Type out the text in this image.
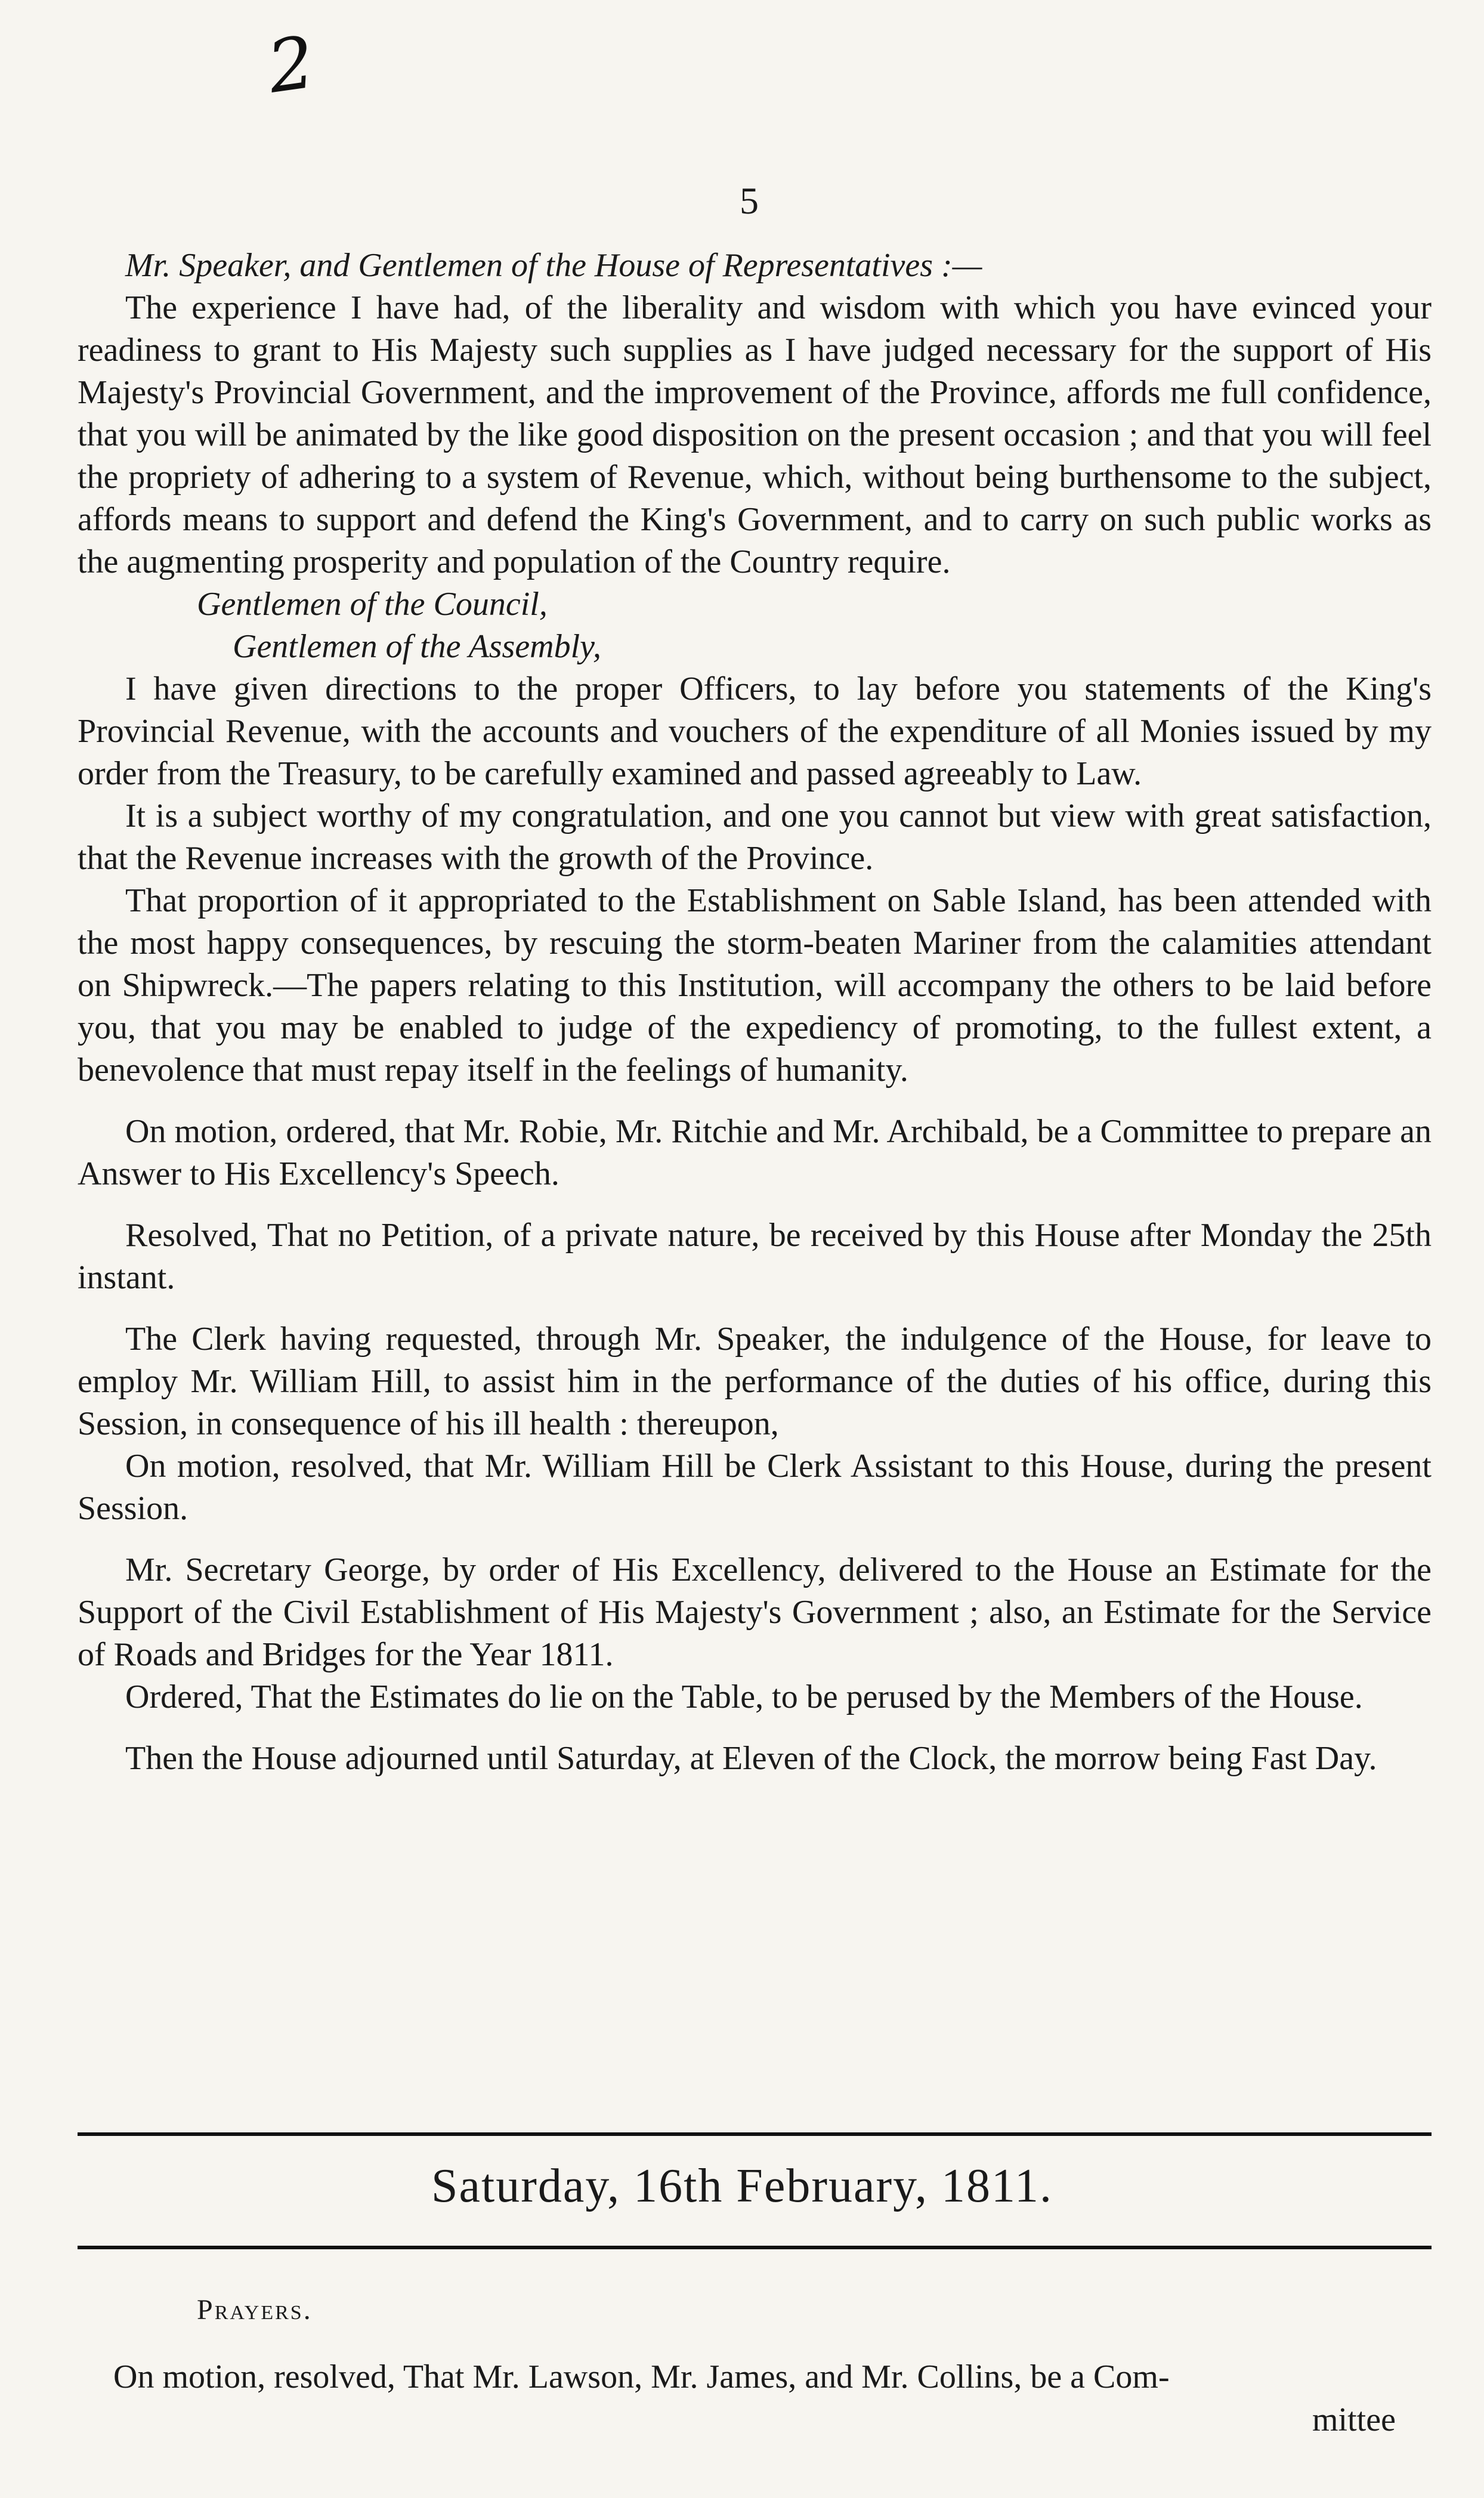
2
5

Mr. Speaker, and Gentlemen of the House of Representatives :—

The experience I have had, of the liberality and wisdom with which you have evinced your readiness to grant to His Majesty such supplies as I have judged necessary for the support of His Majesty's Provincial Government, and the improvement of the Province, affords me full confidence, that you will be animated by the like good disposition on the present occasion ; and that you will feel the propriety of adhering to a system of Revenue, which, without being burthensome to the subject, affords means to support and defend the King's Government, and to carry on such public works as the augmenting prosperity and population of the Country require.

Gentlemen of the Council,

Gentlemen of the Assembly,

I have given directions to the proper Officers, to lay before you statements of the King's Provincial Revenue, with the accounts and vouchers of the expenditure of all Monies issued by my order from the Treasury, to be carefully examined and passed agreeably to Law.

It is a subject worthy of my congratulation, and one you cannot but view with great satisfaction, that the Revenue increases with the growth of the Province.

That proportion of it appropriated to the Establishment on Sable Island, has been attended with the most happy consequences, by rescuing the storm-beaten Mariner from the calamities attendant on Shipwreck.—The papers relating to this Institution, will accompany the others to be laid before you, that you may be enabled to judge of the expediency of promoting, to the fullest extent, a benevolence that must repay itself in the feelings of humanity.

On motion, ordered, that Mr. Robie, Mr. Ritchie and Mr. Archibald, be a Committee to prepare an Answer to His Excellency's Speech.

Resolved, That no Petition, of a private nature, be received by this House after Monday the 25th instant.

The Clerk having requested, through Mr. Speaker, the indulgence of the House, for leave to employ Mr. William Hill, to assist him in the performance of the duties of his office, during this Session, in consequence of his ill health : thereupon,

On motion, resolved, that Mr. William Hill be Clerk Assistant to this House, during the present Session.

Mr. Secretary George, by order of His Excellency, delivered to the House an Estimate for the Support of the Civil Establishment of His Majesty's Government ; also, an Estimate for the Service of Roads and Bridges for the Year 1811.

Ordered, That the Estimates do lie on the Table, to be perused by the Members of the House.

Then the House adjourned until Saturday, at Eleven of the Clock, the morrow being Fast Day.

Saturday, 16th February, 1811.
Prayers.
On motion, resolved, That Mr. Lawson, Mr. James, and Mr. Collins, be a Com-
mittee
